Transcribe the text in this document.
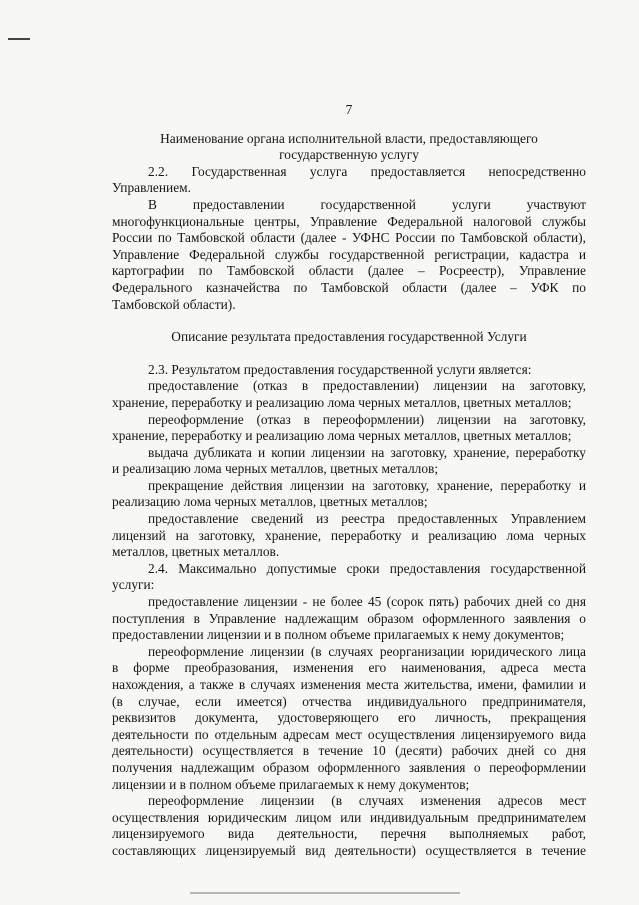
7
Наименование органа исполнительной власти, предоставляющего
государственную услугу

2.2. Государственная услуга предоставляется непосредственно

Управлением.

В предоставлении государственной услуги участвуют

многофункциональные центры, Управление Федеральной налоговой службы

России по Тамбовской области (далее - УФНС России по Тамбовской области),

Управление Федеральной службы государственной регистрации, кадастра и

картографии по Тамбовской области (далее – Росреестр), Управление

Федерального казначейства по Тамбовской области (далее – УФК по

Тамбовской области).

Описание результата предоставления государственной Услуги

2.3. Результатом предоставления государственной услуги является:

предоставление (отказ в предоставлении) лицензии на заготовку,

хранение, переработку и реализацию лома черных металлов, цветных металлов;

переоформление (отказ в переоформлении) лицензии на заготовку,

хранение, переработку и реализацию лома черных металлов, цветных металлов;

выдача дубликата и копии лицензии на заготовку, хранение, переработку

и реализацию лома черных металлов, цветных металлов;

прекращение действия лицензии на заготовку, хранение, переработку и

реализацию лома черных металлов, цветных металлов;

предоставление сведений из реестра предоставленных Управлением

лицензий на заготовку, хранение, переработку и реализацию лома черных

металлов, цветных металлов.

2.4. Максимально допустимые сроки предоставления государственной

услуги:

предоставление лицензии - не более 45 (сорок пять) рабочих дней со дня

поступления в Управление надлежащим образом оформленного заявления о

предоставлении лицензии и в полном объеме прилагаемых к нему документов;

переоформление лицензии (в случаях реорганизации юридического лица

в форме преобразования, изменения его наименования, адреса места

нахождения, а также в случаях изменения места жительства, имени, фамилии и

(в случае, если имеется) отчества индивидуального предпринимателя,

реквизитов документа, удостоверяющего его личность, прекращения

деятельности по отдельным адресам мест осуществления лицензируемого вида

деятельности) осуществляется в течение 10 (десяти) рабочих дней со дня

получения надлежащим образом оформленного заявления о переоформлении

лицензии и в полном объеме прилагаемых к нему документов;

переоформление лицензии (в случаях изменения адресов мест

осуществления юридическим лицом или индивидуальным предпринимателем

лицензируемого вида деятельности, перечня выполняемых работ,

составляющих лицензируемый вид деятельности) осуществляется в течение
